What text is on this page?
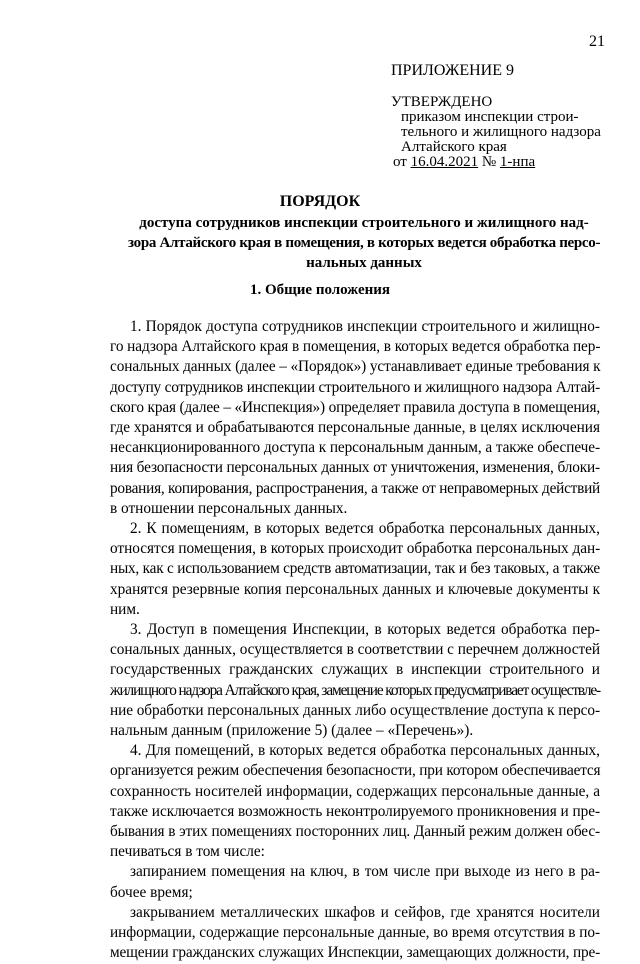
21
ПРИЛОЖЕНИЕ 9
УТВЕРЖДЕНО
приказом инспекции строи-
тельного и жилищного надзора
Алтайского края
от 16.04.2021 № 1-нпа
ПОРЯДОК
доступа сотрудников инспекции строительного и жилищного над-
зора Алтайского края в помещения, в которых ведется обработка персо-
нальных данных
1. Общие положения
1. Порядок доступа сотрудников инспекции строительного и жилищно-
го надзора Алтайского края в помещения, в которых ведется обработка пер-
сональных данных (далее – «Порядок») устанавливает единые требования к
доступу сотрудников инспекции строительного и жилищного надзора Алтай-
ского края (далее – «Инспекция») определяет правила доступа в помещения,
где хранятся и обрабатываются персональные данные, в целях исключения
несанкционированного доступа к персональным данным, а также обеспече-
ния безопасности персональных данных от уничтожения, изменения, блоки-
рования, копирования, распространения, а также от неправомерных действий
в отношении персональных данных.
2. К помещениям, в которых ведется обработка персональных данных,
относятся помещения, в которых происходит обработка персональных дан-
ных, как с использованием средств автоматизации, так и без таковых, а также
хранятся резервные копия персональных данных и ключевые документы к
ним.
3. Доступ в помещения Инспекции, в которых ведется обработка пер-
сональных данных, осуществляется в соответствии с перечнем должностей
государственных гражданских служащих в инспекции строительного и
жилищного надзора Алтайского края, замещение которых предусматривает осуществле-
ние обработки персональных данных либо осуществление доступа к персо-
нальным данным (приложение 5) (далее – «Перечень»).
4. Для помещений, в которых ведется обработка персональных данных,
организуется режим обеспечения безопасности, при котором обеспечивается
сохранность носителей информации, содержащих персональные данные, а
также исключается возможность неконтролируемого проникновения и пре-
бывания в этих помещениях посторонних лиц. Данный режим должен обес-
печиваться в том числе:
запиранием помещения на ключ, в том числе при выходе из него в ра-
бочее время;
закрыванием металлических шкафов и сейфов, где хранятся носители
информации, содержащие персональные данные, во время отсутствия в по-
мещении гражданских служащих Инспекции, замещающих должности, пре-
